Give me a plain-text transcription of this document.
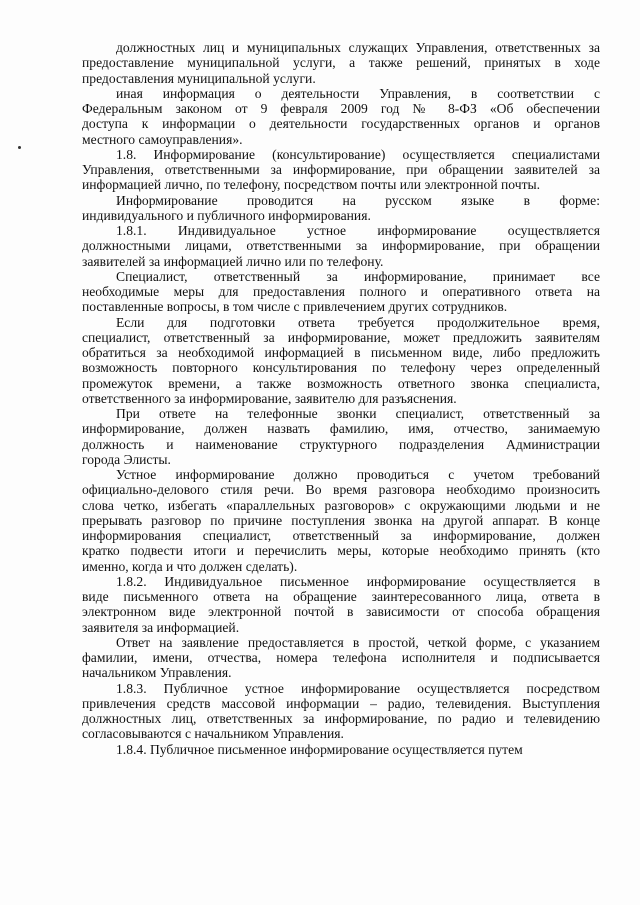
должностных лиц и муниципальных служащих Управления, ответственных за
предоставление муниципальной услуги, а также решений, принятых в ходе
предоставления муниципальной услуги.
иная информация о деятельности Управления, в соответствии с
Федеральным законом от 9 февраля 2009 год № 8-ФЗ «Об обеспечении
доступа к информации о деятельности государственных органов и органов
местного самоуправления».
1.8. Информирование (консультирование) осуществляется специалистами
Управления, ответственными за информирование, при обращении заявителей за
информацией лично, по телефону, посредством почты или электронной почты.
Информирование проводится на русском языке в форме:
индивидуального и публичного информирования.
1.8.1. Индивидуальное устное информирование осуществляется
должностными лицами, ответственными за информирование, при обращении
заявителей за информацией лично или по телефону.
Специалист, ответственный за информирование, принимает все
необходимые меры для предоставления полного и оперативного ответа на
поставленные вопросы, в том числе с привлечением других сотрудников.
Если для подготовки ответа требуется продолжительное время,
специалист, ответственный за информирование, может предложить заявителям
обратиться за необходимой информацией в письменном виде, либо предложить
возможность повторного консультирования по телефону через определенный
промежуток времени, а также возможность ответного звонка специалиста,
ответственного за информирование, заявителю для разъяснения.
При ответе на телефонные звонки специалист, ответственный за
информирование, должен назвать фамилию, имя, отчество, занимаемую
должность и наименование структурного подразделения Администрации
города Элисты.
Устное информирование должно проводиться с учетом требований
официально-делового стиля речи. Во время разговора необходимо произносить
слова четко, избегать «параллельных разговоров» с окружающими людьми и не
прерывать разговор по причине поступления звонка на другой аппарат. В конце
информирования специалист, ответственный за информирование, должен
кратко подвести итоги и перечислить меры, которые необходимо принять (кто
именно, когда и что должен сделать).
1.8.2. Индивидуальное письменное информирование осуществляется в
виде письменного ответа на обращение заинтересованного лица, ответа в
электронном виде электронной почтой в зависимости от способа обращения
заявителя за информацией.
Ответ на заявление предоставляется в простой, четкой форме, с указанием
фамилии, имени, отчества, номера телефона исполнителя и подписывается
начальником Управления.
1.8.3. Публичное устное информирование осуществляется посредством
привлечения средств массовой информации – радио, телевидения. Выступления
должностных лиц, ответственных за информирование, по радио и телевидению
согласовываются с начальником Управления.
1.8.4. Публичное письменное информирование осуществляется путем
